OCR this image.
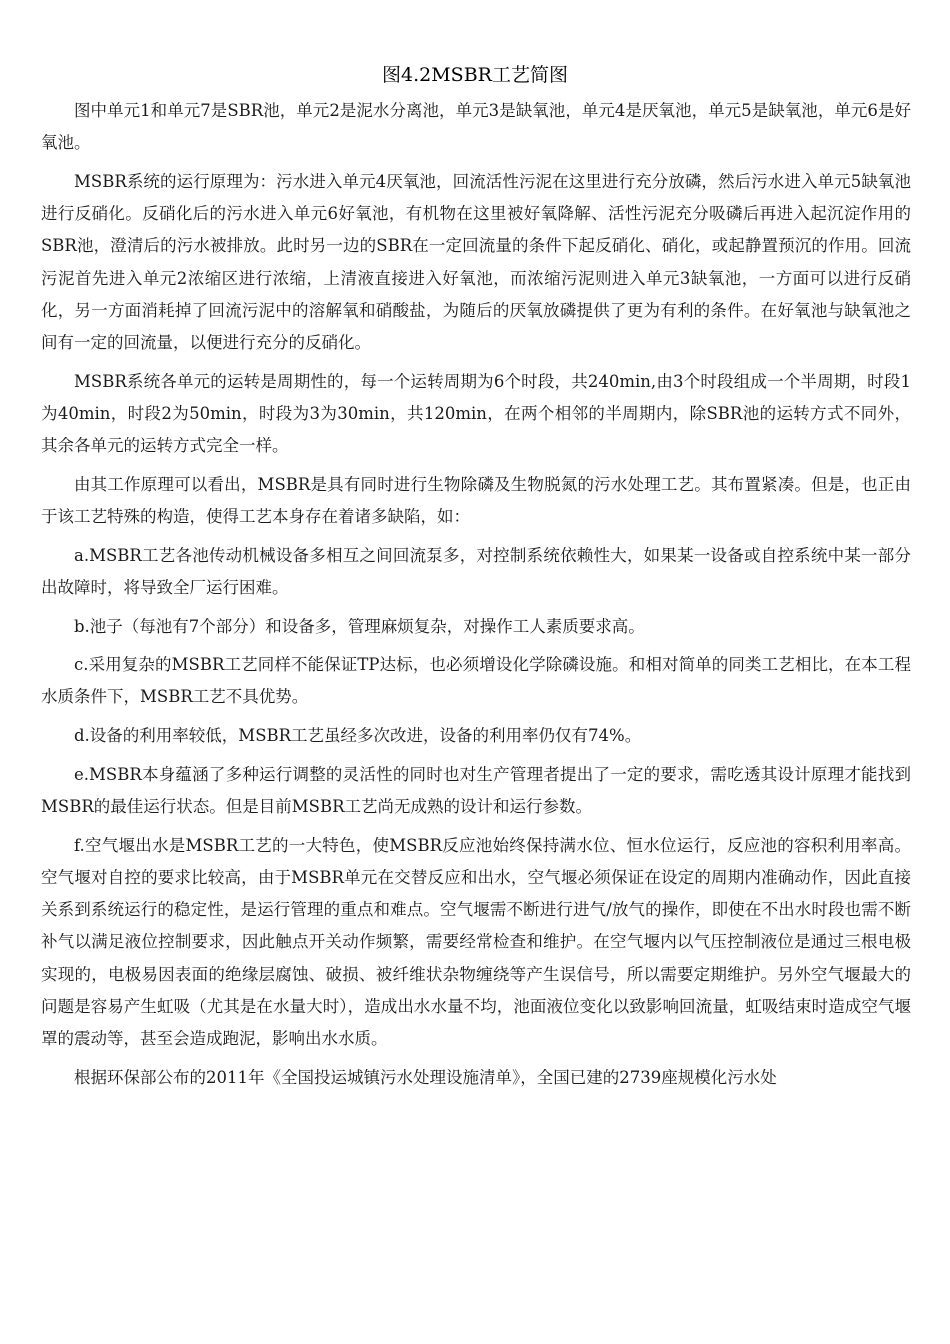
图4.2MSBR工艺简图

图中单元1和单元7是SBR池，单元2是泥水分离池，单元3是缺氧池，单元4是厌氧池，单元5是缺氧池，单元6是好氧池。

MSBR系统的运行原理为：污水进入单元4厌氧池，回流活性污泥在这里进行充分放磷，然后污水进入单元5缺氧池进行反硝化。反硝化后的污水进入单元6好氧池，有机物在这里被好氧降解、活性污泥充分吸磷后再进入起沉淀作用的SBR池，澄清后的污水被排放。此时另一边的SBR在一定回流量的条件下起反硝化、硝化，或起静置预沉的作用。回流污泥首先进入单元2浓缩区进行浓缩，上清液直接进入好氧池，而浓缩污泥则进入单元3缺氧池，一方面可以进行反硝化，另一方面消耗掉了回流污泥中的溶解氧和硝酸盐，为随后的厌氧放磷提供了更为有利的条件。在好氧池与缺氧池之间有一定的回流量，以便进行充分的反硝化。

MSBR系统各单元的运转是周期性的，每一个运转周期为6个时段，共240min,由3个时段组成一个半周期，时段1为40min，时段2为50min，时段为3为30min，共120min，在两个相邻的半周期内，除SBR池的运转方式不同外，其余各单元的运转方式完全一样。

由其工作原理可以看出，MSBR是具有同时进行生物除磷及生物脱氮的污水处理工艺。其布置紧凑。但是，也正由于该工艺特殊的构造，使得工艺本身存在着诸多缺陷，如：

a.MSBR工艺各池传动机械设备多相互之间回流泵多，对控制系统依赖性大，如果某一设备或自控系统中某一部分出故障时，将导致全厂运行困难。

b.池子（每池有7个部分）和设备多，管理麻烦复杂，对操作工人素质要求高。

c.采用复杂的MSBR工艺同样不能保证TP达标，也必须增设化学除磷设施。和相对简单的同类工艺相比，在本工程水质条件下，MSBR工艺不具优势。

d.设备的利用率较低，MSBR工艺虽经多次改进，设备的利用率仍仅有74%。

e.MSBR本身蕴涵了多种运行调整的灵活性的同时也对生产管理者提出了一定的要求，需吃透其设计原理才能找到MSBR的最佳运行状态。但是目前MSBR工艺尚无成熟的设计和运行参数。

f.空气堰出水是MSBR工艺的一大特色，使MSBR反应池始终保持满水位、恒水位运行，反应池的容积利用率高。空气堰对自控的要求比较高，由于MSBR单元在交替反应和出水，空气堰必须保证在设定的周期内准确动作，因此直接关系到系统运行的稳定性，是运行管理的重点和难点。空气堰需不断进行进气/放气的操作，即使在不出水时段也需不断补气以满足液位控制要求，因此触点开关动作频繁，需要经常检查和维护。在空气堰内以气压控制液位是通过三根电极实现的，电极易因表面的绝缘层腐蚀、破损、被纤维状杂物缠绕等产生误信号，所以需要定期维护。另外空气堰最大的问题是容易产生虹吸（尤其是在水量大时），造成出水水量不均，池面液位变化以致影响回流量，虹吸结束时造成空气堰罩的震动等，甚至会造成跑泥，影响出水水质。

根据环保部公布的2011年《全国投运城镇污水处理设施清单》，全国已建的2739座规模化污水处
